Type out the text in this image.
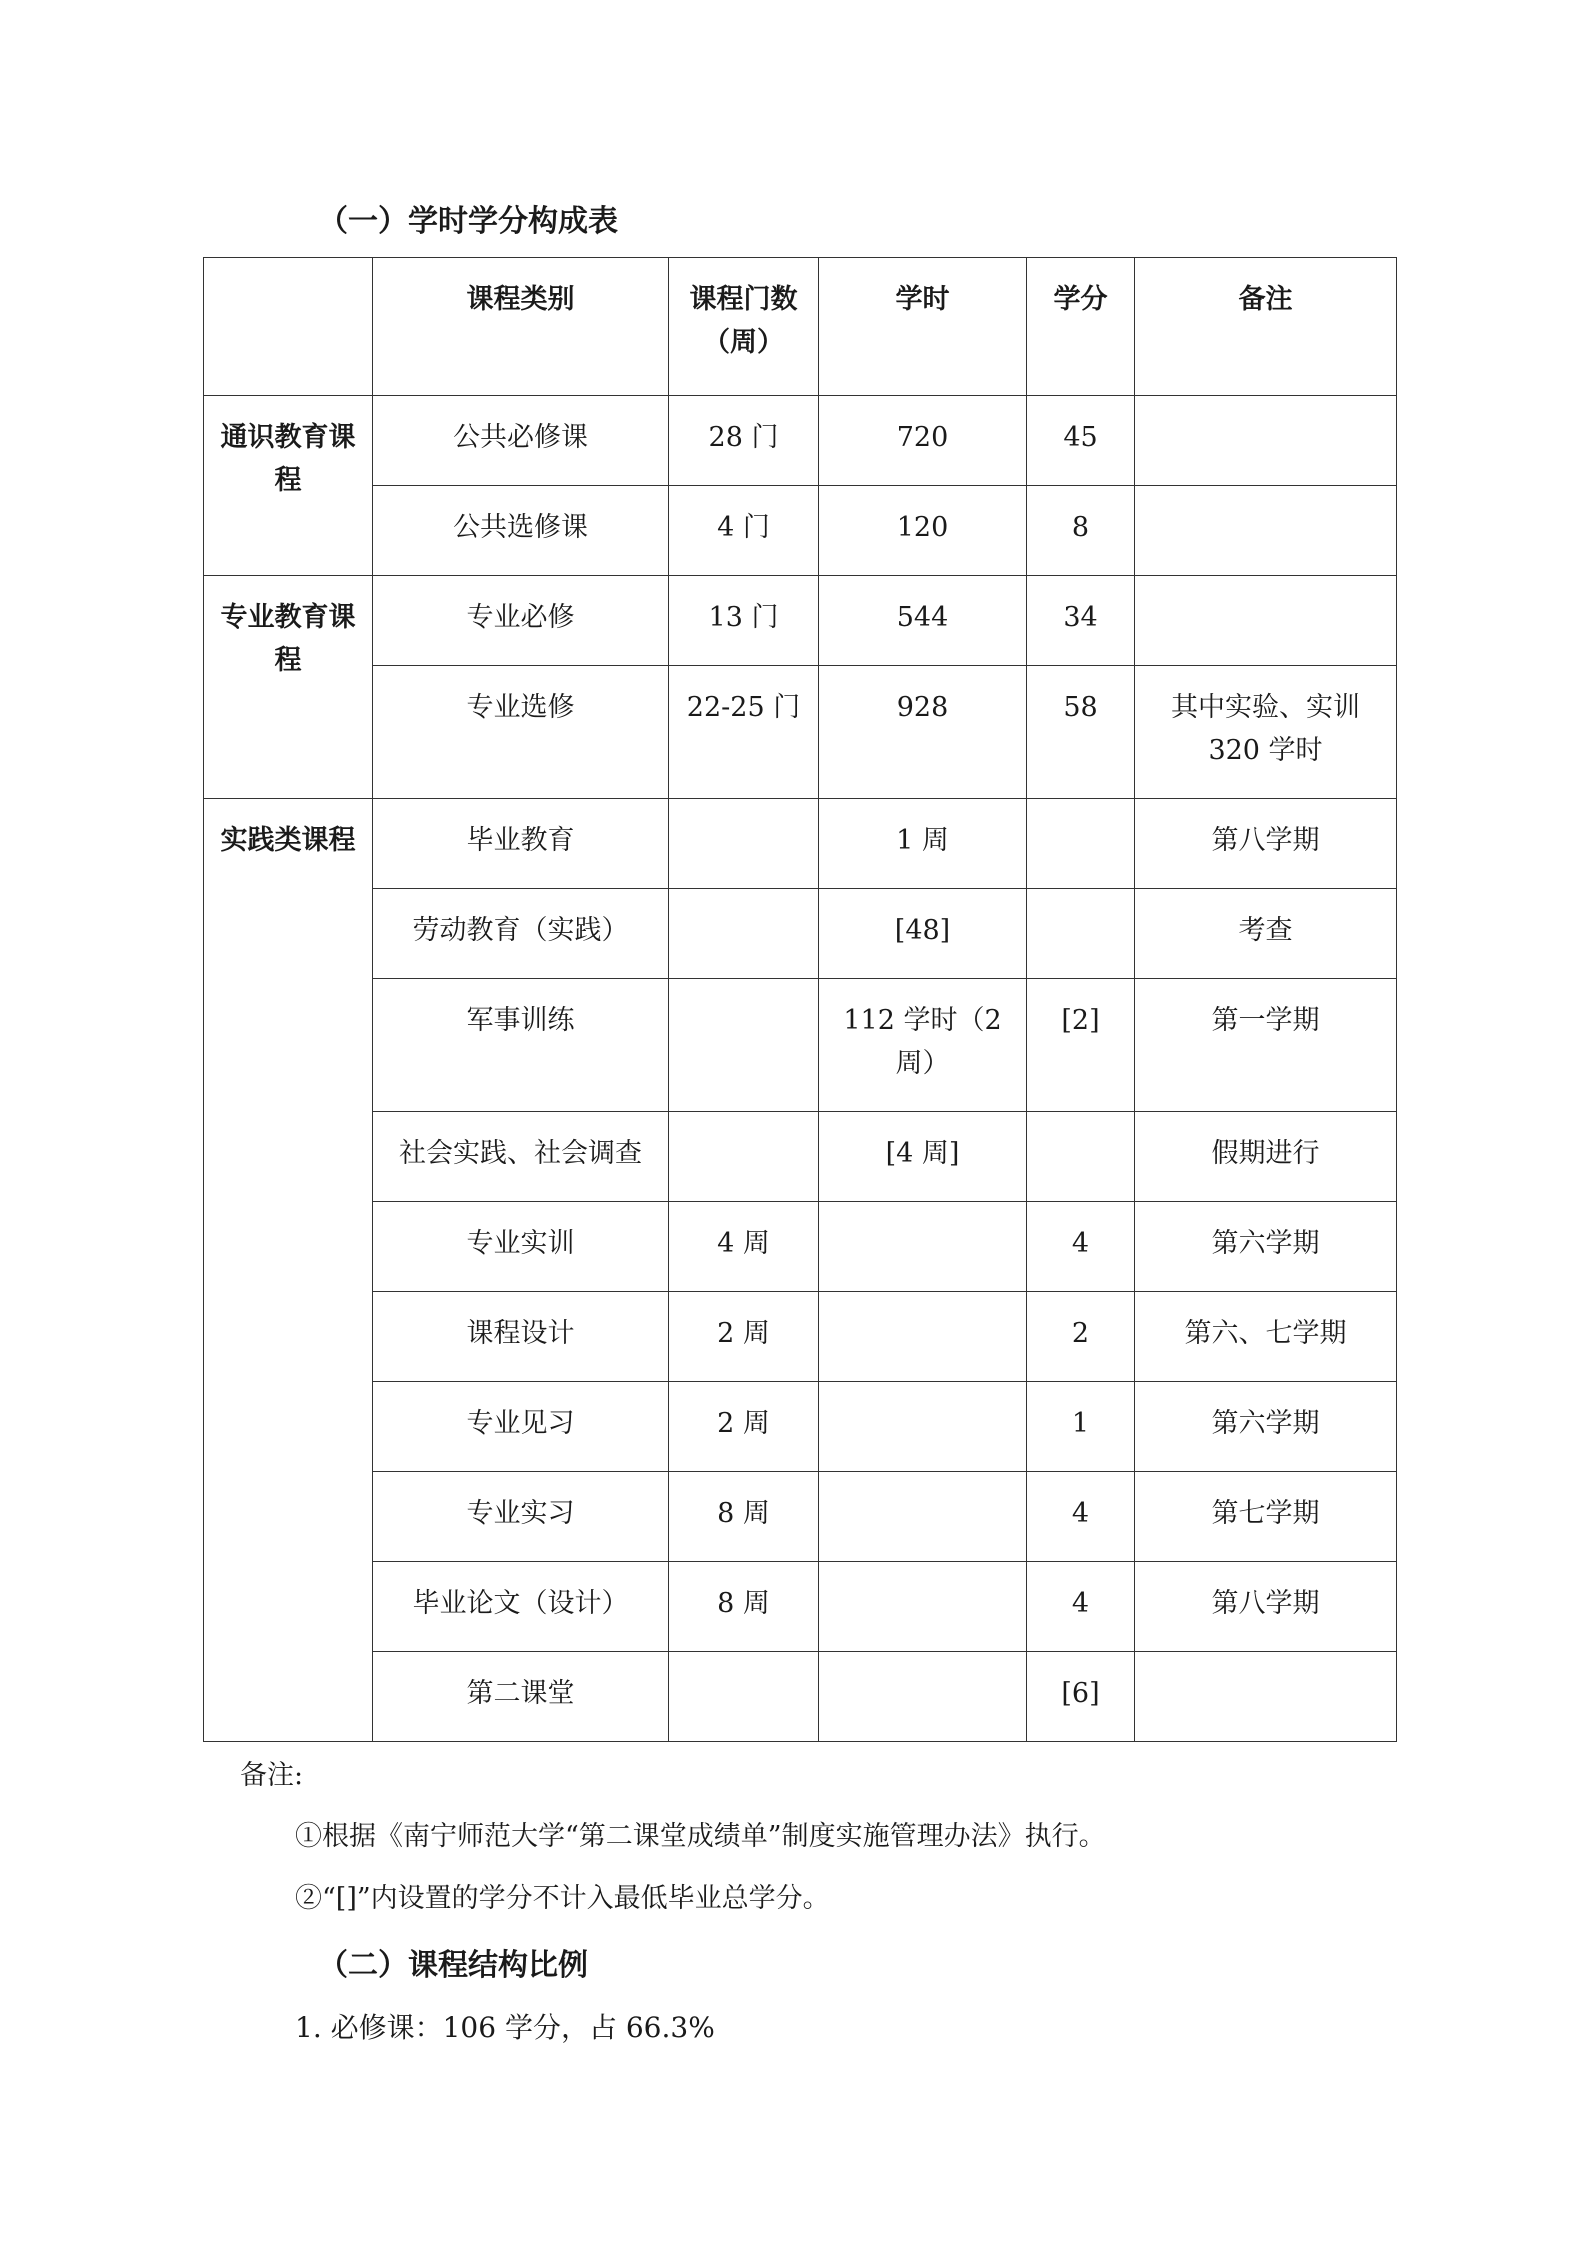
（一）学时学分构成表
	课程类别	课程门数（周）	学时	学分	备注
通识教育课程	公共必修课	28 门	720	45	
	公共选修课	4 门	120	8	
专业教育课程	专业必修	13 门	544	34	
	专业选修	22-25 门	928	58	其中实验、实训 320 学时
实践类课程	毕业教育		1 周		第八学期
	劳动教育（实践）		[48]		考查
	军事训练		112 学时（2 周）	[2]	第一学期
	社会实践、社会调查		[4 周]		假期进行
	专业实训	4 周		4	第六学期
	课程设计	2 周		2	第六、七学期
	专业见习	2 周		1	第六学期
	专业实习	8 周		4	第七学期
	毕业论文（设计）	8 周		4	第八学期
	第二课堂			[6]	
备注:
①根据《南宁师范大学“第二课堂成绩单”制度实施管理办法》执行。
②“[]”内设置的学分不计入最低毕业总学分。
（二）课程结构比例
1. 必修课：106 学分，占 66.3%
